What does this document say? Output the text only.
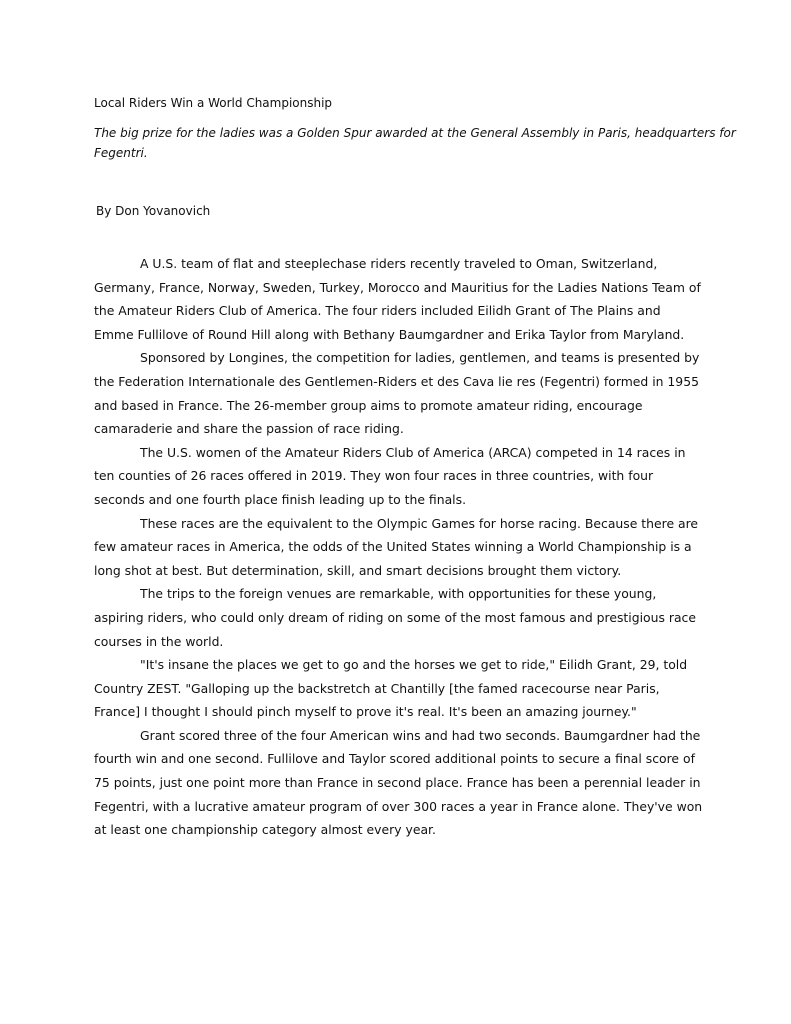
Local Riders Win a World Championship
The big prize for the ladies was a Golden Spur awarded at the General Assembly in Paris, headquarters for Fegentri.
By Don Yovanovich

A U.S. team of flat and steeplechase riders recently traveled to Oman, Switzerland, Germany, France, Norway, Sweden, Turkey, Morocco and Mauritius for the Ladies Nations Team of the Amateur Riders Club of America. The four riders included Eilidh Grant of The Plains and Emme Fullilove of Round Hill along with Bethany Baumgardner and Erika Taylor from Maryland.

Sponsored by Longines, the competition for ladies, gentlemen, and teams is presented by the Federation Internationale des Gentlemen-Riders et des Cava lie res (Fegentri) formed in 1955 and based in France. The 26-member group aims to promote amateur riding, encourage camaraderie and share the passion of race riding.

The U.S. women of the Amateur Riders Club of America (ARCA) competed in 14 races in ten counties of 26 races offered in 2019. They won four races in three countries, with four seconds and one fourth place finish leading up to the finals.

These races are the equivalent to the Olympic Games for horse racing. Because there are few amateur races in America, the odds of the United States winning a World Championship is a long shot at best. But determination, skill, and smart decisions brought them victory.

The trips to the foreign venues are remarkable, with opportunities for these young, aspiring riders, who could only dream of riding on some of the most famous and prestigious race courses in the world.

"It's insane the places we get to go and the horses we get to ride," Eilidh Grant, 29, told Country ZEST. "Galloping up the backstretch at Chantilly [the famed racecourse near Paris, France] I thought I should pinch myself to prove it's real. It's been an amazing journey."

Grant scored three of the four American wins and had two seconds. Baumgardner had the fourth win and one second. Fullilove and Taylor scored additional points to secure a final score of 75 points, just one point more than France in second place. France has been a perennial leader in Fegentri, with a lucrative amateur program of over 300 races a year in France alone. They've won at least one championship category almost every year.
